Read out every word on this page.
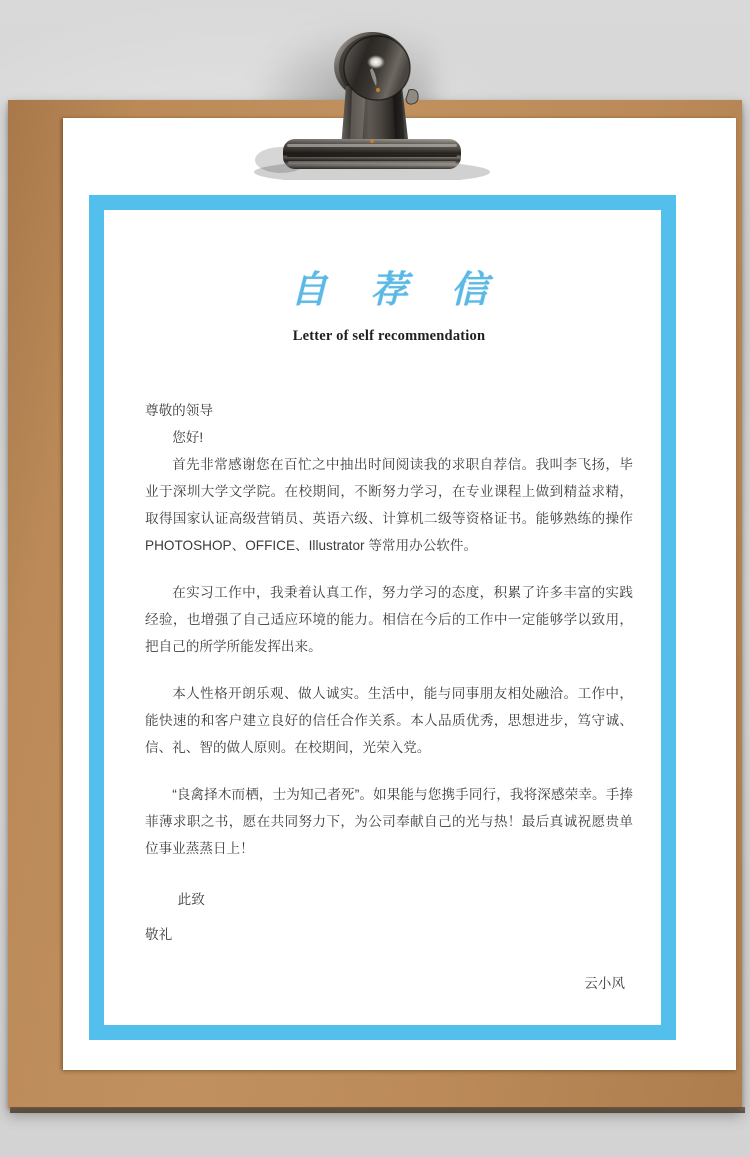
自 荐 信
Letter of self recommendation
尊敬的领导
您好!
首先非常感谢您在百忙之中抽出时间阅读我的求职自荐信。我叫李飞扬，毕业于深圳大学文学院。在校期间，不断努力学习，在专业课程上做到精益求精，取得国家认证高级营销员、英语六级、计算机二级等资格证书。能够熟练的操作 PHOTOSHOP、OFFICE、Illustrator 等常用办公软件。
在实习工作中，我秉着认真工作，努力学习的态度，积累了许多丰富的实践经验，也增强了自己适应环境的能力。相信在今后的工作中一定能够学以致用，把自己的所学所能发挥出来。
本人性格开朗乐观、做人诚实。生活中，能与同事朋友相处融洽。工作中，能快速的和客户建立良好的信任合作关系。本人品质优秀，思想进步，笃守诚、信、礼、智的做人原则。在校期间，光荣入党。
“良禽择木而栖，士为知己者死”。如果能与您携手同行，我将深感荣幸。手捧菲薄求职之书，愿在共同努力下，为公司奉献自己的光与热！最后真诚祝愿贵单位事业蒸蒸日上！
此致
敬礼
云小风
